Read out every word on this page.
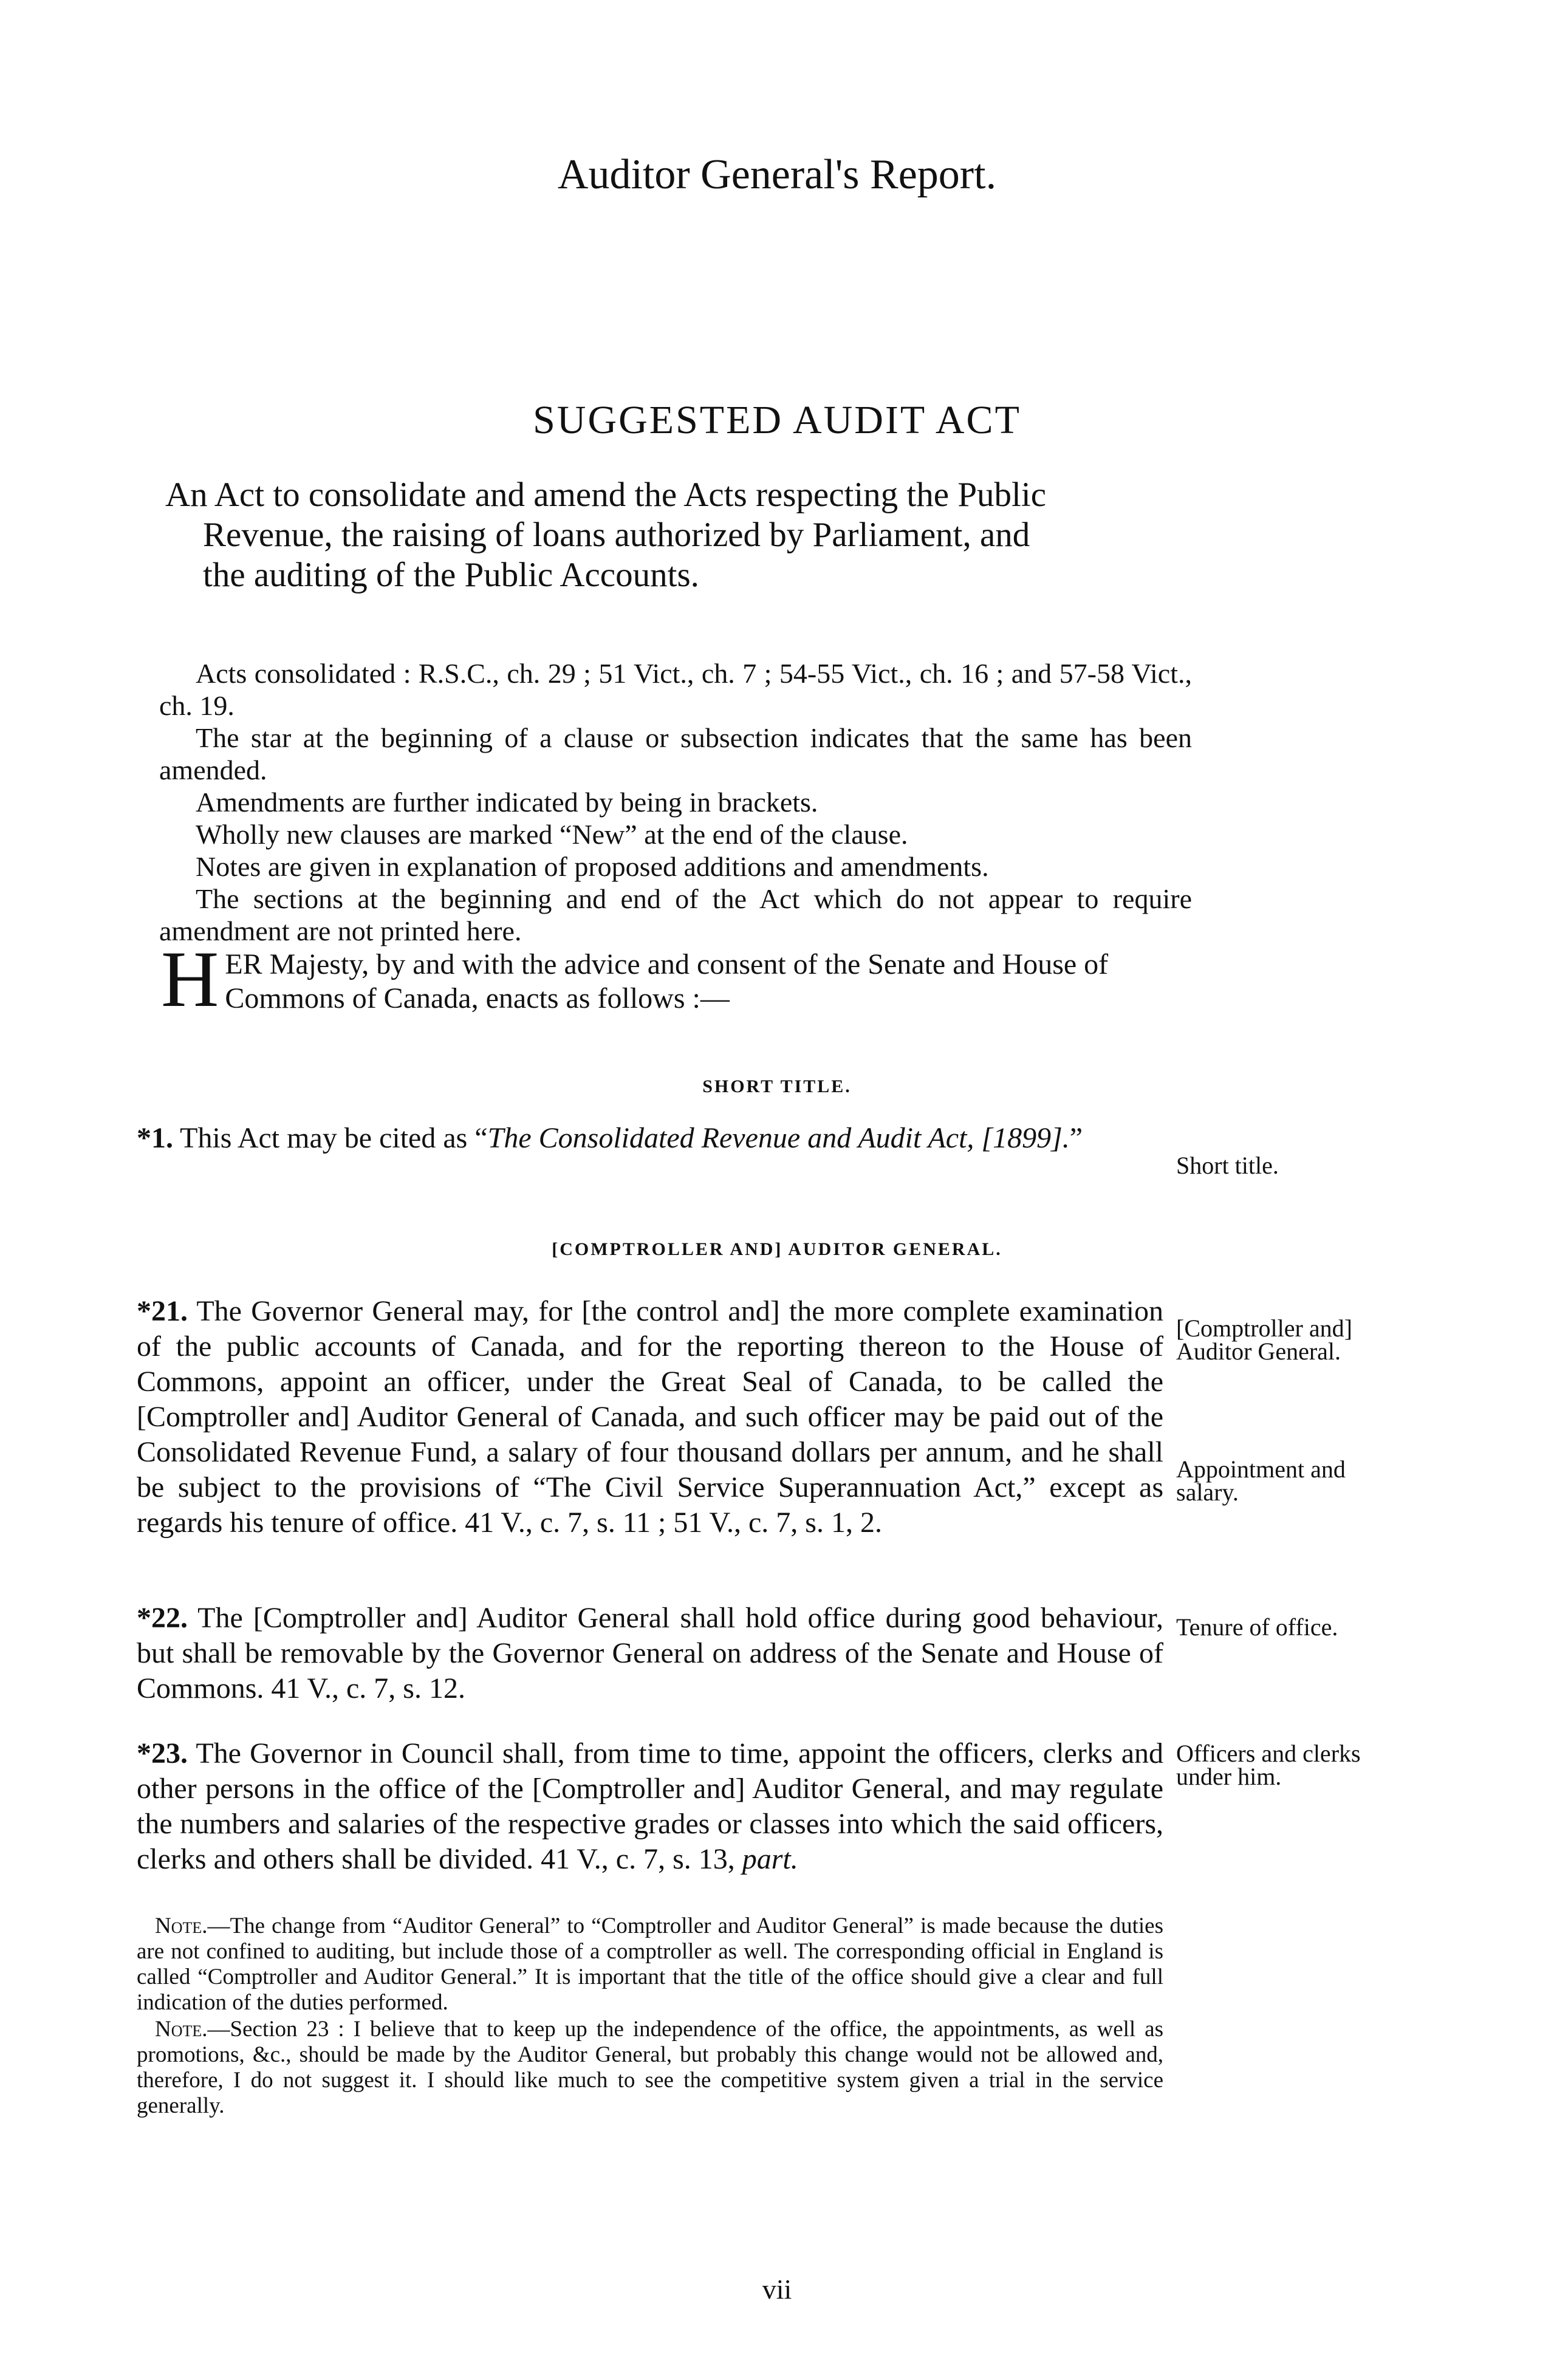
Auditor General's Report.
SUGGESTED AUDIT ACT
An Act to consolidate and amend the Acts respecting the Public
Revenue, the raising of loans authorized by Parliament, and
the auditing of the Public Accounts.

Acts consolidated : R.S.C., ch. 29 ; 51 Vict., ch. 7 ; 54-55 Vict., ch. 16 ; and 57-58 Vict., ch. 19.

The star at the beginning of a clause or subsection indicates that the same has been amended.

Amendments are further indicated by being in brackets.

Wholly new clauses are marked “New” at the end of the clause.

Notes are given in explanation of proposed additions and amendments.

The sections at the beginning and end of the Act which do not appear to require amendment are not printed here.

H ER Majesty, by and with the advice and consent of the Senate and House of Commons of Canada, enacts as follows :—
SHORT TITLE.
*1. This Act may be cited as “The Consolidated Revenue and Audit Act, [1899].”
Short title.
[COMPTROLLER AND] AUDITOR GENERAL.
*21. The Governor General may, for [the control and] the more complete examination of the public accounts of Canada, and for the reporting thereon to the House of Commons, appoint an officer, under the Great Seal of Canada, to be called the [Comptroller and] Auditor General of Canada, and such officer may be paid out of the Consolidated Revenue Fund, a salary of four thousand dollars per annum, and he shall be subject to the provisions of “The Civil Service Superannuation Act,” except as regards his tenure of office. 41 V., c. 7, s. 11 ; 51 V., c. 7, s. 1, 2.
[Comptroller and] Auditor General.
Appointment and salary.
*22. The [Comptroller and] Auditor General shall hold office during good behaviour, but shall be removable by the Governor General on address of the Senate and House of Commons. 41 V., c. 7, s. 12.
Tenure of office.
*23. The Governor in Council shall, from time to time, appoint the officers, clerks and other persons in the office of the [Comptroller and] Auditor General, and may regulate the numbers and salaries of the respective grades or classes into which the said officers, clerks and others shall be divided. 41 V., c. 7, s. 13, part.
Officers and clerks under him.

Note.—The change from “Auditor General” to “Comptroller and Auditor General” is made because the duties are not confined to auditing, but include those of a comptroller as well. The corresponding official in England is called “Comptroller and Auditor General.” It is important that the title of the office should give a clear and full indication of the duties performed.

Note.—Section 23 : I believe that to keep up the independence of the office, the appointments, as well as promotions, &c., should be made by the Auditor General, but probably this change would not be allowed and, therefore, I do not suggest it. I should like much to see the competitive system given a trial in the service generally.

vii
